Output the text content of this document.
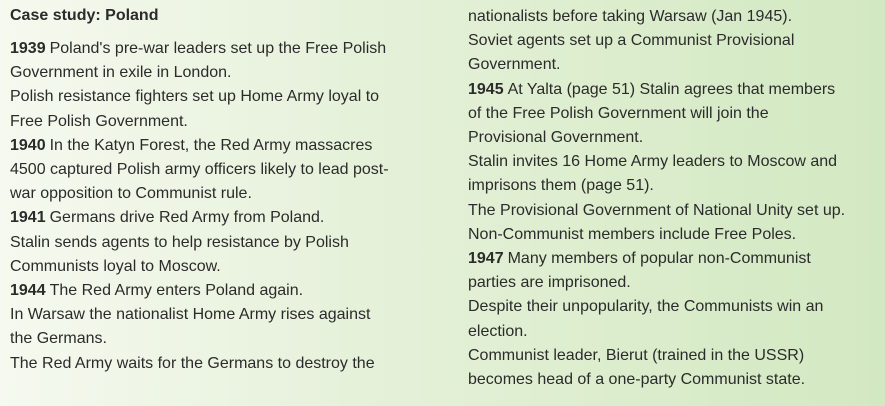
Case study: Poland

1939 Poland's pre-war leaders set up the Free Polish

Government in exile in London.

Polish resistance fighters set up Home Army loyal to

Free Polish Government.

1940 In the Katyn Forest, the Red Army massacres

4500 captured Polish army officers likely to lead post-

war opposition to Communist rule.

1941 Germans drive Red Army from Poland.

Stalin sends agents to help resistance by Polish

Communists loyal to Moscow.

1944 The Red Army enters Poland again.

In Warsaw the nationalist Home Army rises against

the Germans.

The Red Army waits for the Germans to destroy the

nationalists before taking Warsaw (Jan 1945).

Soviet agents set up a Communist Provisional

Government.

1945 At Yalta (page 51) Stalin agrees that members

of the Free Polish Government will join the

Provisional Government.

Stalin invites 16 Home Army leaders to Moscow and

imprisons them (page 51).

The Provisional Government of National Unity set up.

Non-Communist members include Free Poles.

1947 Many members of popular non-Communist

parties are imprisoned.

Despite their unpopularity, the Communists win an

election.

Communist leader, Bierut (trained in the USSR)

becomes head of a one-party Communist state.
